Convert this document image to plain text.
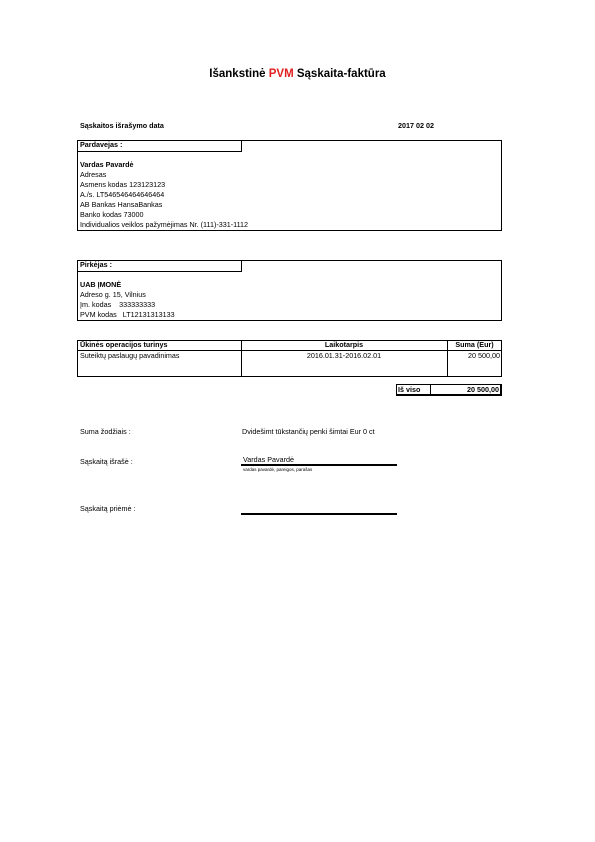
Išankstinė PVM Sąskaita-faktūra
Sąskaitos išrašymo data	2017 02 02
Pardavejas :
Vardas Pavardė
Adresas
Asmens kodas 123123123
A./s. LT546546464646464
AB Bankas HansaBankas
Banko kodas 73000
Individualios veiklos pažymėjimas Nr. (111)-331-1112
Pirkėjas :
UAB ĮMONĖ
Adreso g. 15, Vilnius
Įm. kodas    333333333
PVM kodas   LT12131313133
Ūkinės operacijos turinys	Laikotarpis	Suma (Eur)
Suteiktų paslaugų pavadinimas	2016.01.31-2016.02.01	20 500,00
Iš viso	20 500,00
Suma žodžiais :	Dvidešimt tūkstančių penki šimtai Eur 0 ct
Sąskaitą išrašė :	Vardas Pavardė
vardas pavardė, pareigos, parašas
Sąskaitą priėmė :
